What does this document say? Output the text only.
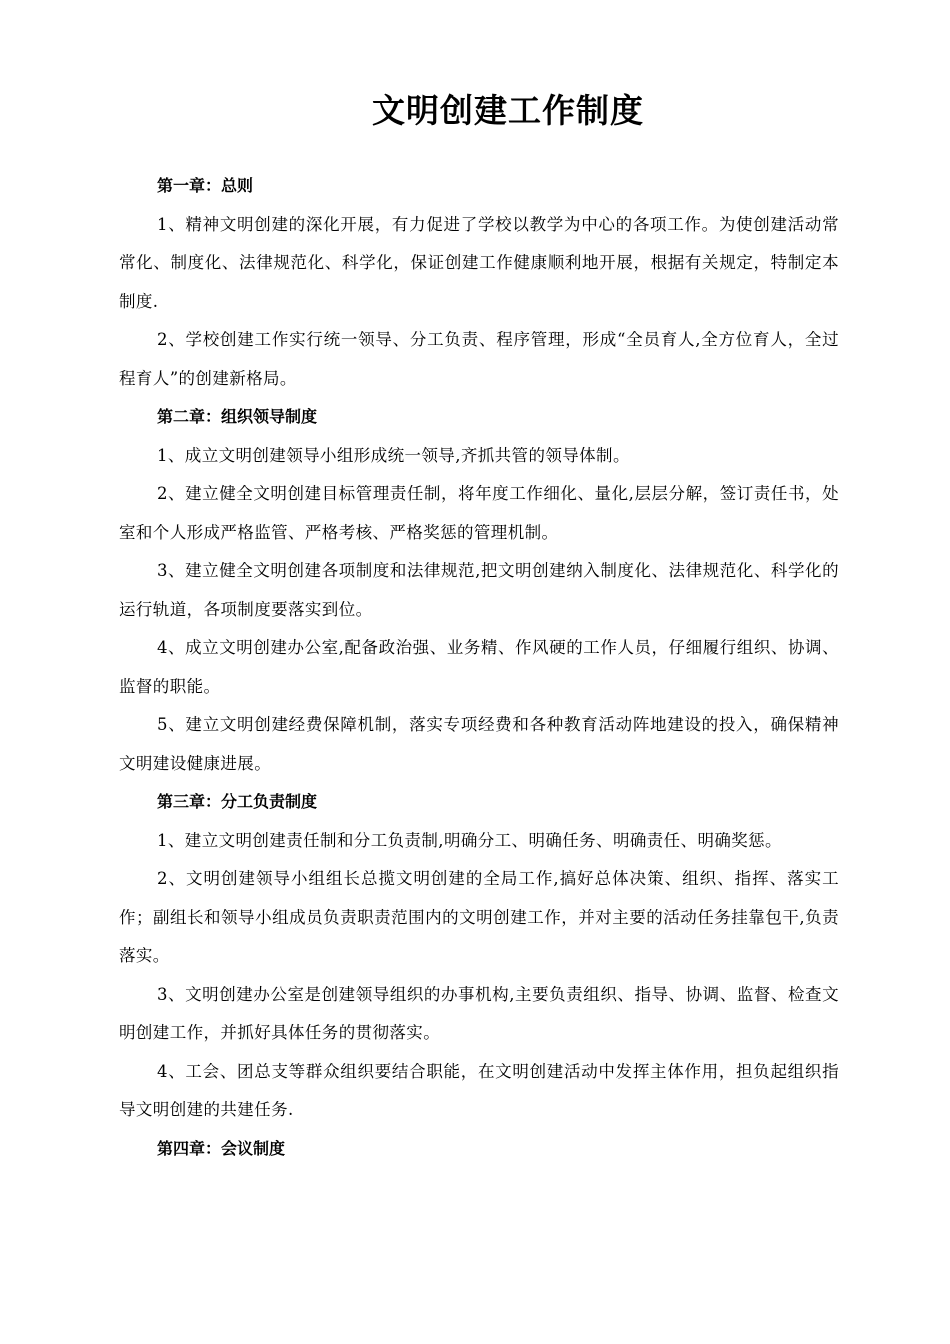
文明创建工作制度

第一章：总则

1、精神文明创建的深化开展，有力促进了学校以教学为中心的各项工作。为使创建活动常常化、制度化、法律规范化、科学化，保证创建工作健康顺利地开展，根据有关规定，特制定本制度.

2、学校创建工作实行统一领导、分工负责、程序管理，形成“全员育人,全方位育人，全过程育人”的创建新格局。

第二章：组织领导制度

1、成立文明创建领导小组形成统一领导,齐抓共管的领导体制。

2、建立健全文明创建目标管理责任制，将年度工作细化、量化,层层分解，签订责任书，处室和个人形成严格监管、严格考核、严格奖惩的管理机制。

3、建立健全文明创建各项制度和法律规范,把文明创建纳入制度化、法律规范化、科学化的运行轨道，各项制度要落实到位。

4、成立文明创建办公室,配备政治强、业务精、作风硬的工作人员，仔细履行组织、协调、监督的职能。

5、建立文明创建经费保障机制，落实专项经费和各种教育活动阵地建设的投入，确保精神文明建设健康进展。

第三章：分工负责制度

1、建立文明创建责任制和分工负责制,明确分工、明确任务、明确责任、明确奖惩。

2、文明创建领导小组组长总揽文明创建的全局工作,搞好总体决策、组织、指挥、落实工作；副组长和领导小组成员负责职责范围内的文明创建工作，并对主要的活动任务挂靠包干,负责落实。

3、文明创建办公室是创建领导组织的办事机构,主要负责组织、指导、协调、监督、检查文明创建工作，并抓好具体任务的贯彻落实。

4、工会、团总支等群众组织要结合职能，在文明创建活动中发挥主体作用，担负起组织指导文明创建的共建任务.

第四章：会议制度
